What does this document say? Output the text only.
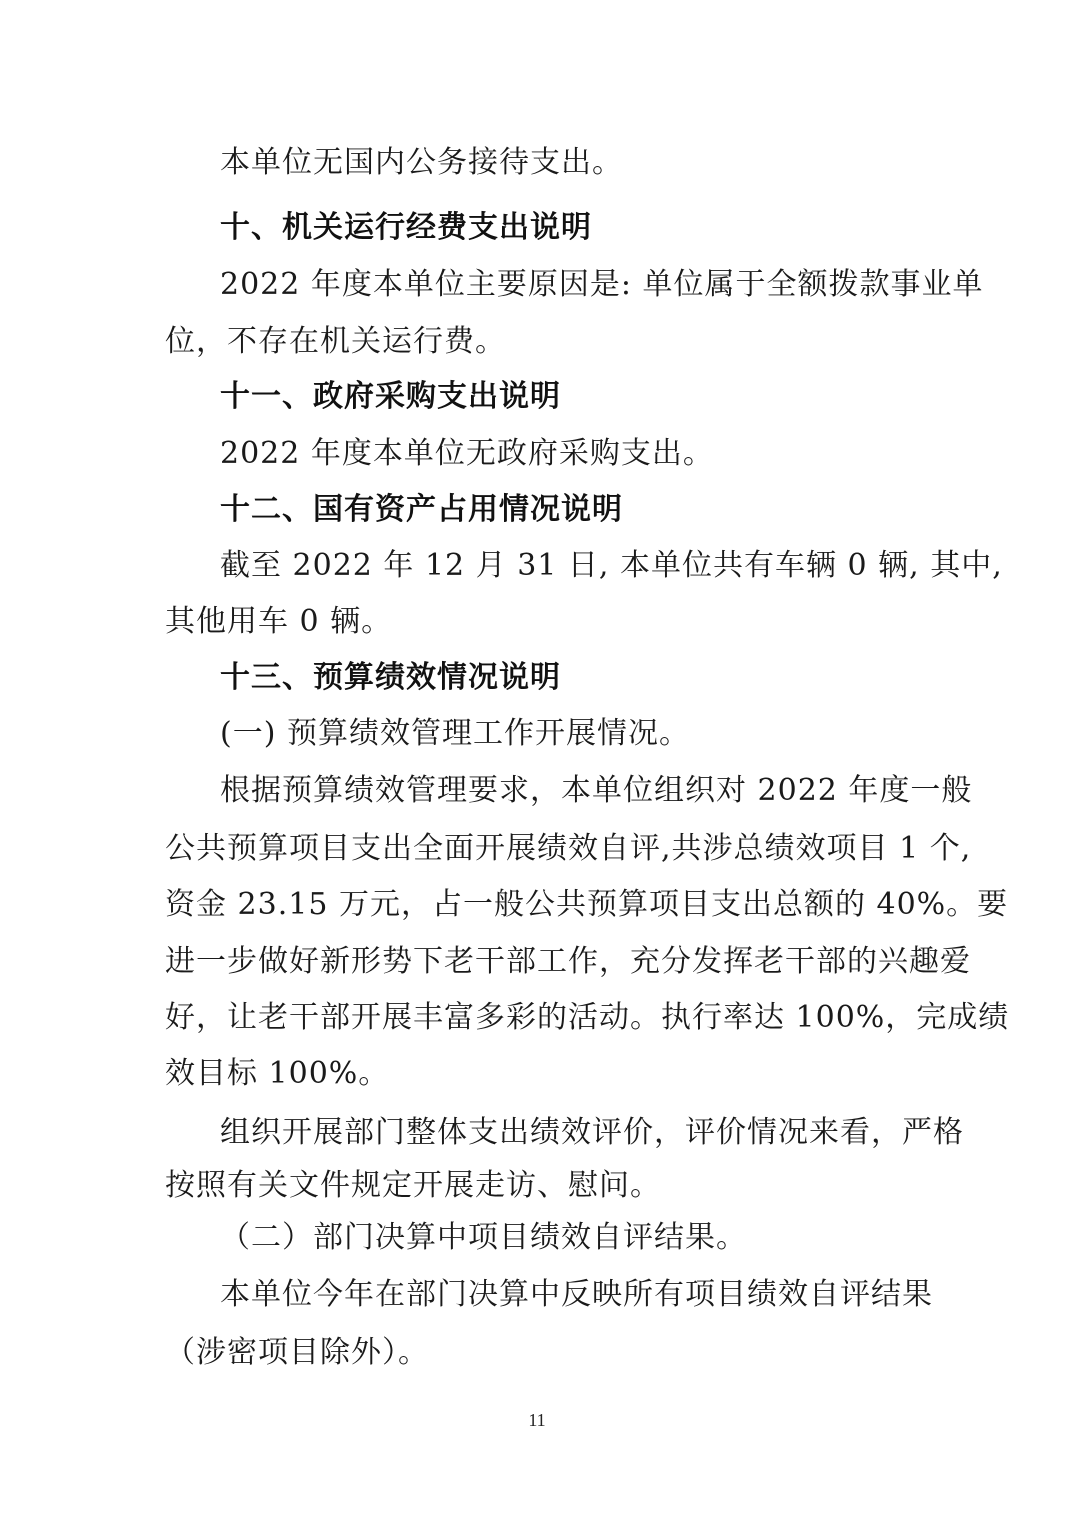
本单位无国内公务接待支出。
十、机关运行经费支出说明
2022 年度本单位主要原因是: 单位属于全额拨款事业单
位，不存在机关运行费。
十一、政府采购支出说明
2022 年度本单位无政府采购支出。
十二、国有资产占用情况说明
截至 2022 年 12 月 31 日, 本单位共有车辆 0 辆, 其中,
其他用车 0 辆。
十三、预算绩效情况说明
(一) 预算绩效管理工作开展情况。
根据预算绩效管理要求，本单位组织对 2022 年度一般
公共预算项目支出全面开展绩效自评,共涉总绩效项目 1 个,
资金 23.15 万元，占一般公共预算项目支出总额的 40%。要
进一步做好新形势下老干部工作，充分发挥老干部的兴趣爱
好，让老干部开展丰富多彩的活动。执行率达 100%，完成绩
效目标 100%。
组织开展部门整体支出绩效评价，评价情况来看，严格
按照有关文件规定开展走访、慰问。
（二）部门决算中项目绩效自评结果。
本单位今年在部门决算中反映所有项目绩效自评结果
（涉密项目除外）。
11
